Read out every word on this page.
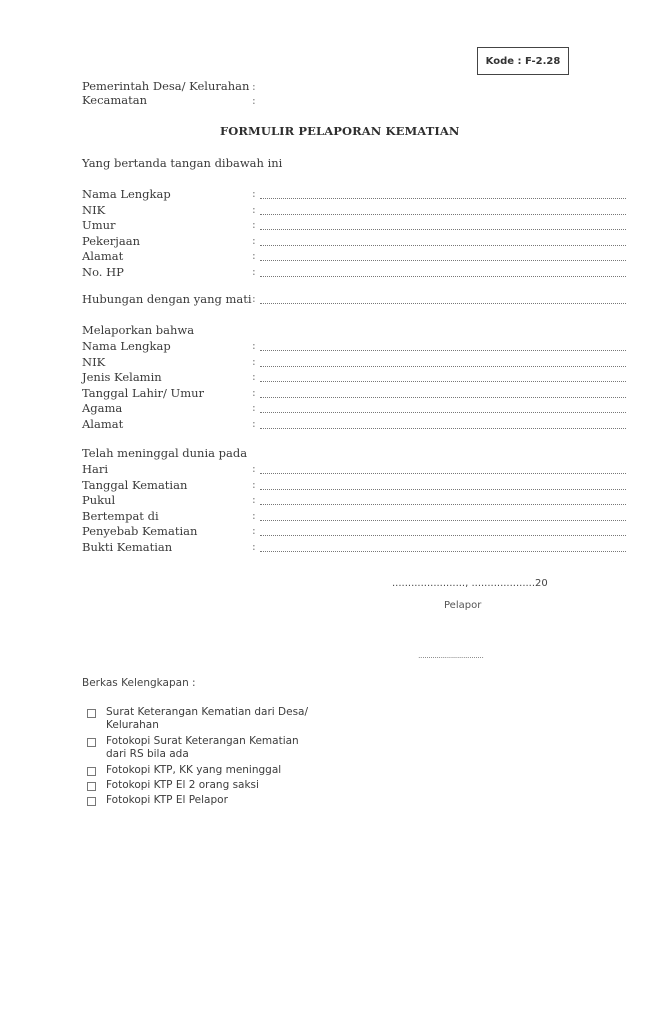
Kode : F-2.28
Pemerintah Desa/ Kelurahan :
Kecamatan	:
FORMULIR PELAPORAN KEMATIAN
Yang bertanda tangan dibawah ini
Nama Lengkap	:
NIK	:
Umur	:
Pekerjaan	:
Alamat	:
No. HP	:
Hubungan dengan yang mati :
Melaporkan bahwa
Nama Lengkap	:
NIK	:
Jenis Kelamin	:
Tanggal Lahir/ Umur	:
Agama	:
Alamat	:
Telah meninggal dunia pada
Hari	:
Tanggal Kematian	:
Pukul	:
Bertempat di	:
Penyebab Kematian	:
Bukti Kematian	:
......................., ....................20
Pelapor
................................
Berkas Kelengkapan :
Surat Keterangan Kematian dari Desa/
Kelurahan
Fotokopi Surat Keterangan Kematian
dari RS bila ada
Fotokopi KTP, KK yang meninggal
Fotokopi KTP El 2 orang saksi
Fotokopi KTP El Pelapor
